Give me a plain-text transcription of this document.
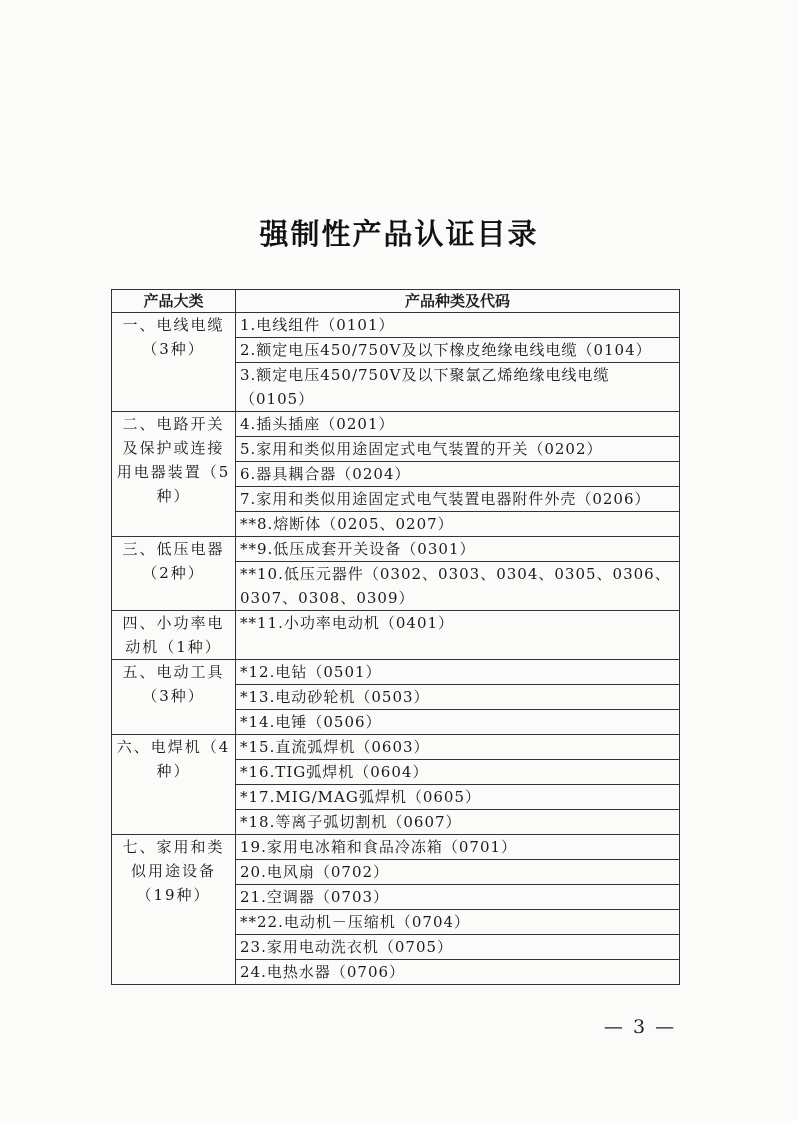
强制性产品认证目录
产品大类	产品种类及代码
一、电线电缆（3种）	1.电线组件（0101）
	2.额定电压450/750V及以下橡皮绝缘电线电缆（0104）
	3.额定电压450/750V及以下聚氯乙烯绝缘电线电缆（0105）
二、电路开关及保护或连接用电器装置（5种）	4.插头插座（0201）
	5.家用和类似用途固定式电气装置的开关（0202）
	6.器具耦合器（0204）
	7.家用和类似用途固定式电气装置电器附件外壳（0206）
	**8.熔断体（0205、0207）
三、低压电器（2种）	**9.低压成套开关设备（0301）
	**10.低压元器件（0302、0303、0304、0305、0306、0307、0308、0309）
四、小功率电动机（1种）	**11.小功率电动机（0401）
五、电动工具（3种）	*12.电钻（0501）
	*13.电动砂轮机（0503）
	*14.电锤（0506）
六、电焊机（4种）	*15.直流弧焊机（0603）
	*16.TIG弧焊机（0604）
	*17.MIG/MAG弧焊机（0605）
	*18.等离子弧切割机（0607）
七、家用和类似用途设备（19种）	19.家用电冰箱和食品冷冻箱（0701）
	20.电风扇（0702）
	21.空调器（0703）
	**22.电动机－压缩机（0704）
	23.家用电动洗衣机（0705）
	24.电热水器（0706）
— 3 —
